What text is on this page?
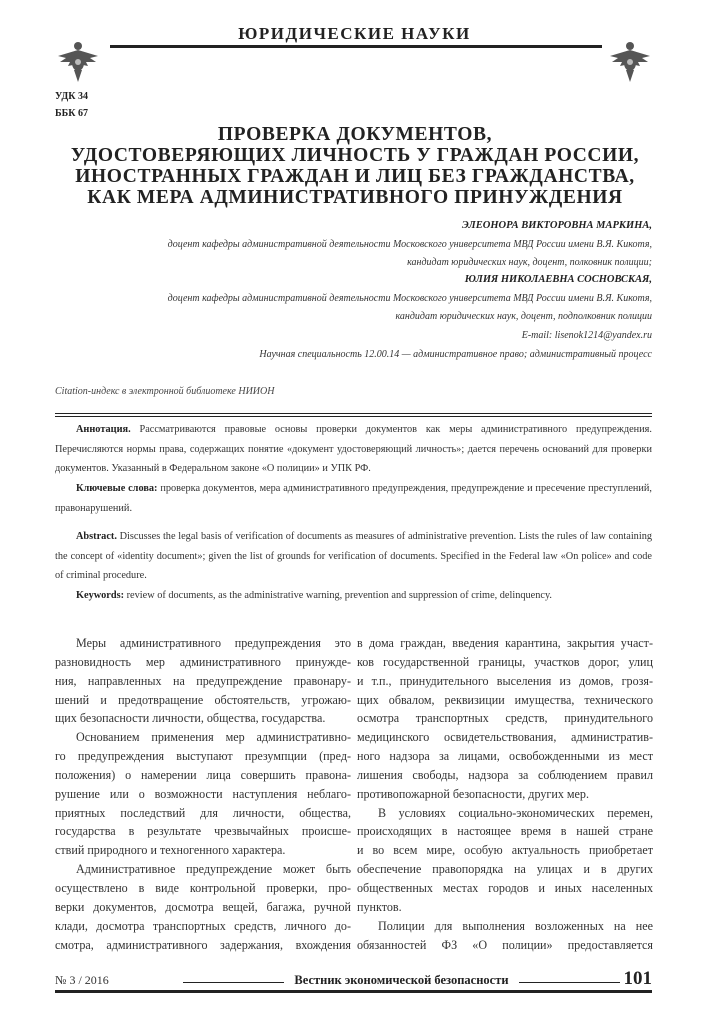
ЮРИДИЧЕСКИЕ НАУКИ
УДК 34
ББК 67
ПРОВЕРКА ДОКУМЕНТОВ,
УДОСТОВЕРЯЮЩИХ ЛИЧНОСТЬ У ГРАЖДАН РОССИИ,
ИНОСТРАННЫХ ГРАЖДАН И ЛИЦ БЕЗ ГРАЖДАНСТВА,
КАК МЕРА АДМИНИСТРАТИВНОГО ПРИНУЖДЕНИЯ
ЭЛЕОНОРА ВИКТОРОВНА МАРКИНА,
доцент кафедры административной деятельности Московского университета МВД России имени В.Я. Кикотя,
кандидат юридических наук, доцент, полковник полиции;
ЮЛИЯ НИКОЛАЕВНА СОСНОВСКАЯ,
доцент кафедры административной деятельности Московского университета МВД России имени В.Я. Кикотя,
кандидат юридических наук, доцент, подполковник полиции
E-mail: lisenok1214@yandex.ru
Научная специальность 12.00.14 — административное право; административный процесс
Citation-индекс в электронной библиотеке НИИОН

Аннотация. Рассматриваются правовые основы проверки документов как меры административного предупреждения. Перечисляются нормы права, содержащих понятие «документ удостоверяющий личность»; дается перечень оснований для проверки документов. Указанный в Федеральном законе «О полиции» и УПК РФ.

Ключевые слова: проверка документов, мера административного предупреждения, предупреждение и пресечение преступлений, правонарушений.

Abstract. Discusses the legal basis of verification of documents as measures of administrative prevention. Lists the rules of law containing the concept of «identity document»; given the list of grounds for verification of documents. Specified in the Federal law «On police» and code of criminal procedure.

Keywords: review of documents, as the administrative warning, prevention and suppression of crime, delinquency.

Меры административного предупреждения это
разновидность мер административного принужде-
ния, направленных на предупреждение правонару-
шений и предотвращение обстоятельств, угрожаю-
щих безопасности личности, общества, государства.
Основанием применения мер административно-
го предупреждения выступают презумпции (пред-
положения) о намерении лица совершить правона-
рушение или о возможности наступления неблаго-
приятных последствий для личности, общества,
государства в результате чрезвычайных происше-
ствий природного и техногенного характера.
Административное предупреждение может быть
осуществлено в виде контрольной проверки, про-
верки документов, досмотра вещей, багажа, ручной
клади, досмотра транспортных средств, личного до-
смотра, административного задержания, вхождения
в дома граждан, введения карантина, закрытия участ-
ков государственной границы, участков дорог, улиц
и т.п., принудительного выселения из домов, грозя-
щих обвалом, реквизиции имущества, технического
осмотра транспортных средств, принудительного
медицинского освидетельствования, административ-
ного надзора за лицами, освобожденными из мест
лишения свободы, надзора за соблюдением правил
противопожарной безопасности, других мер.
В условиях социально-экономических перемен,
происходящих в настоящее время в нашей стране
и во всем мире, особую актуальность приобретает
обеспечение правопорядка на улицах и в других
общественных местах городов и иных населенных
пунктов.
Полиции для выполнения возложенных на нее
обязанностей ФЗ «О полиции» предоставляется
№ 3 / 2016	Вестник экономической безопасности	101
